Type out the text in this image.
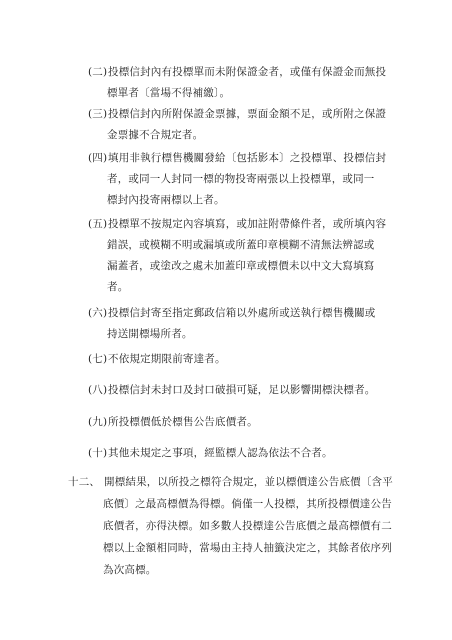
(二) 投標信封內有投標單而未附保證金者，或僅有保證金而無投
標單者〔當場不得補繳〕。
(三) 投標信封內所附保證金票據，票面金額不足，或所附之保證
金票據不合規定者。
(四) 填用非執行標售機關發給〔包括影本〕之投標單、投標信封
者，或同一人封同一標的物投寄兩張以上投標單，或同一
標封內投寄兩標以上者。
(五) 投標單不按規定內容填寫，或加註附帶條件者，或所填內容
錯誤，或模糊不明或漏填或所蓋印章模糊不清無法辨認或
漏蓋者，或塗改之處未加蓋印章或標價未以中文大寫填寫
者。
(六) 投標信封寄至指定郵政信箱以外處所或送執行標售機關或
持送開標場所者。
(七) 不依規定期限前寄達者。
(八) 投標信封未封口及封口破損可疑，足以影響開標決標者。
(九) 所投標價低於標售公告底價者。
(十) 其他未規定之事項，經監標人認為依法不合者。
十二、 開標結果，以所投之標符合規定，並以標價達公告底價〔含平
底價〕之最高標價為得標。倘僅一人投標，其所投標價達公告
底價者，亦得決標。如多數人投標達公告底價之最高標價有二
標以上金額相同時，當場由主持人抽籤決定之，其餘者依序列
為次高標。
